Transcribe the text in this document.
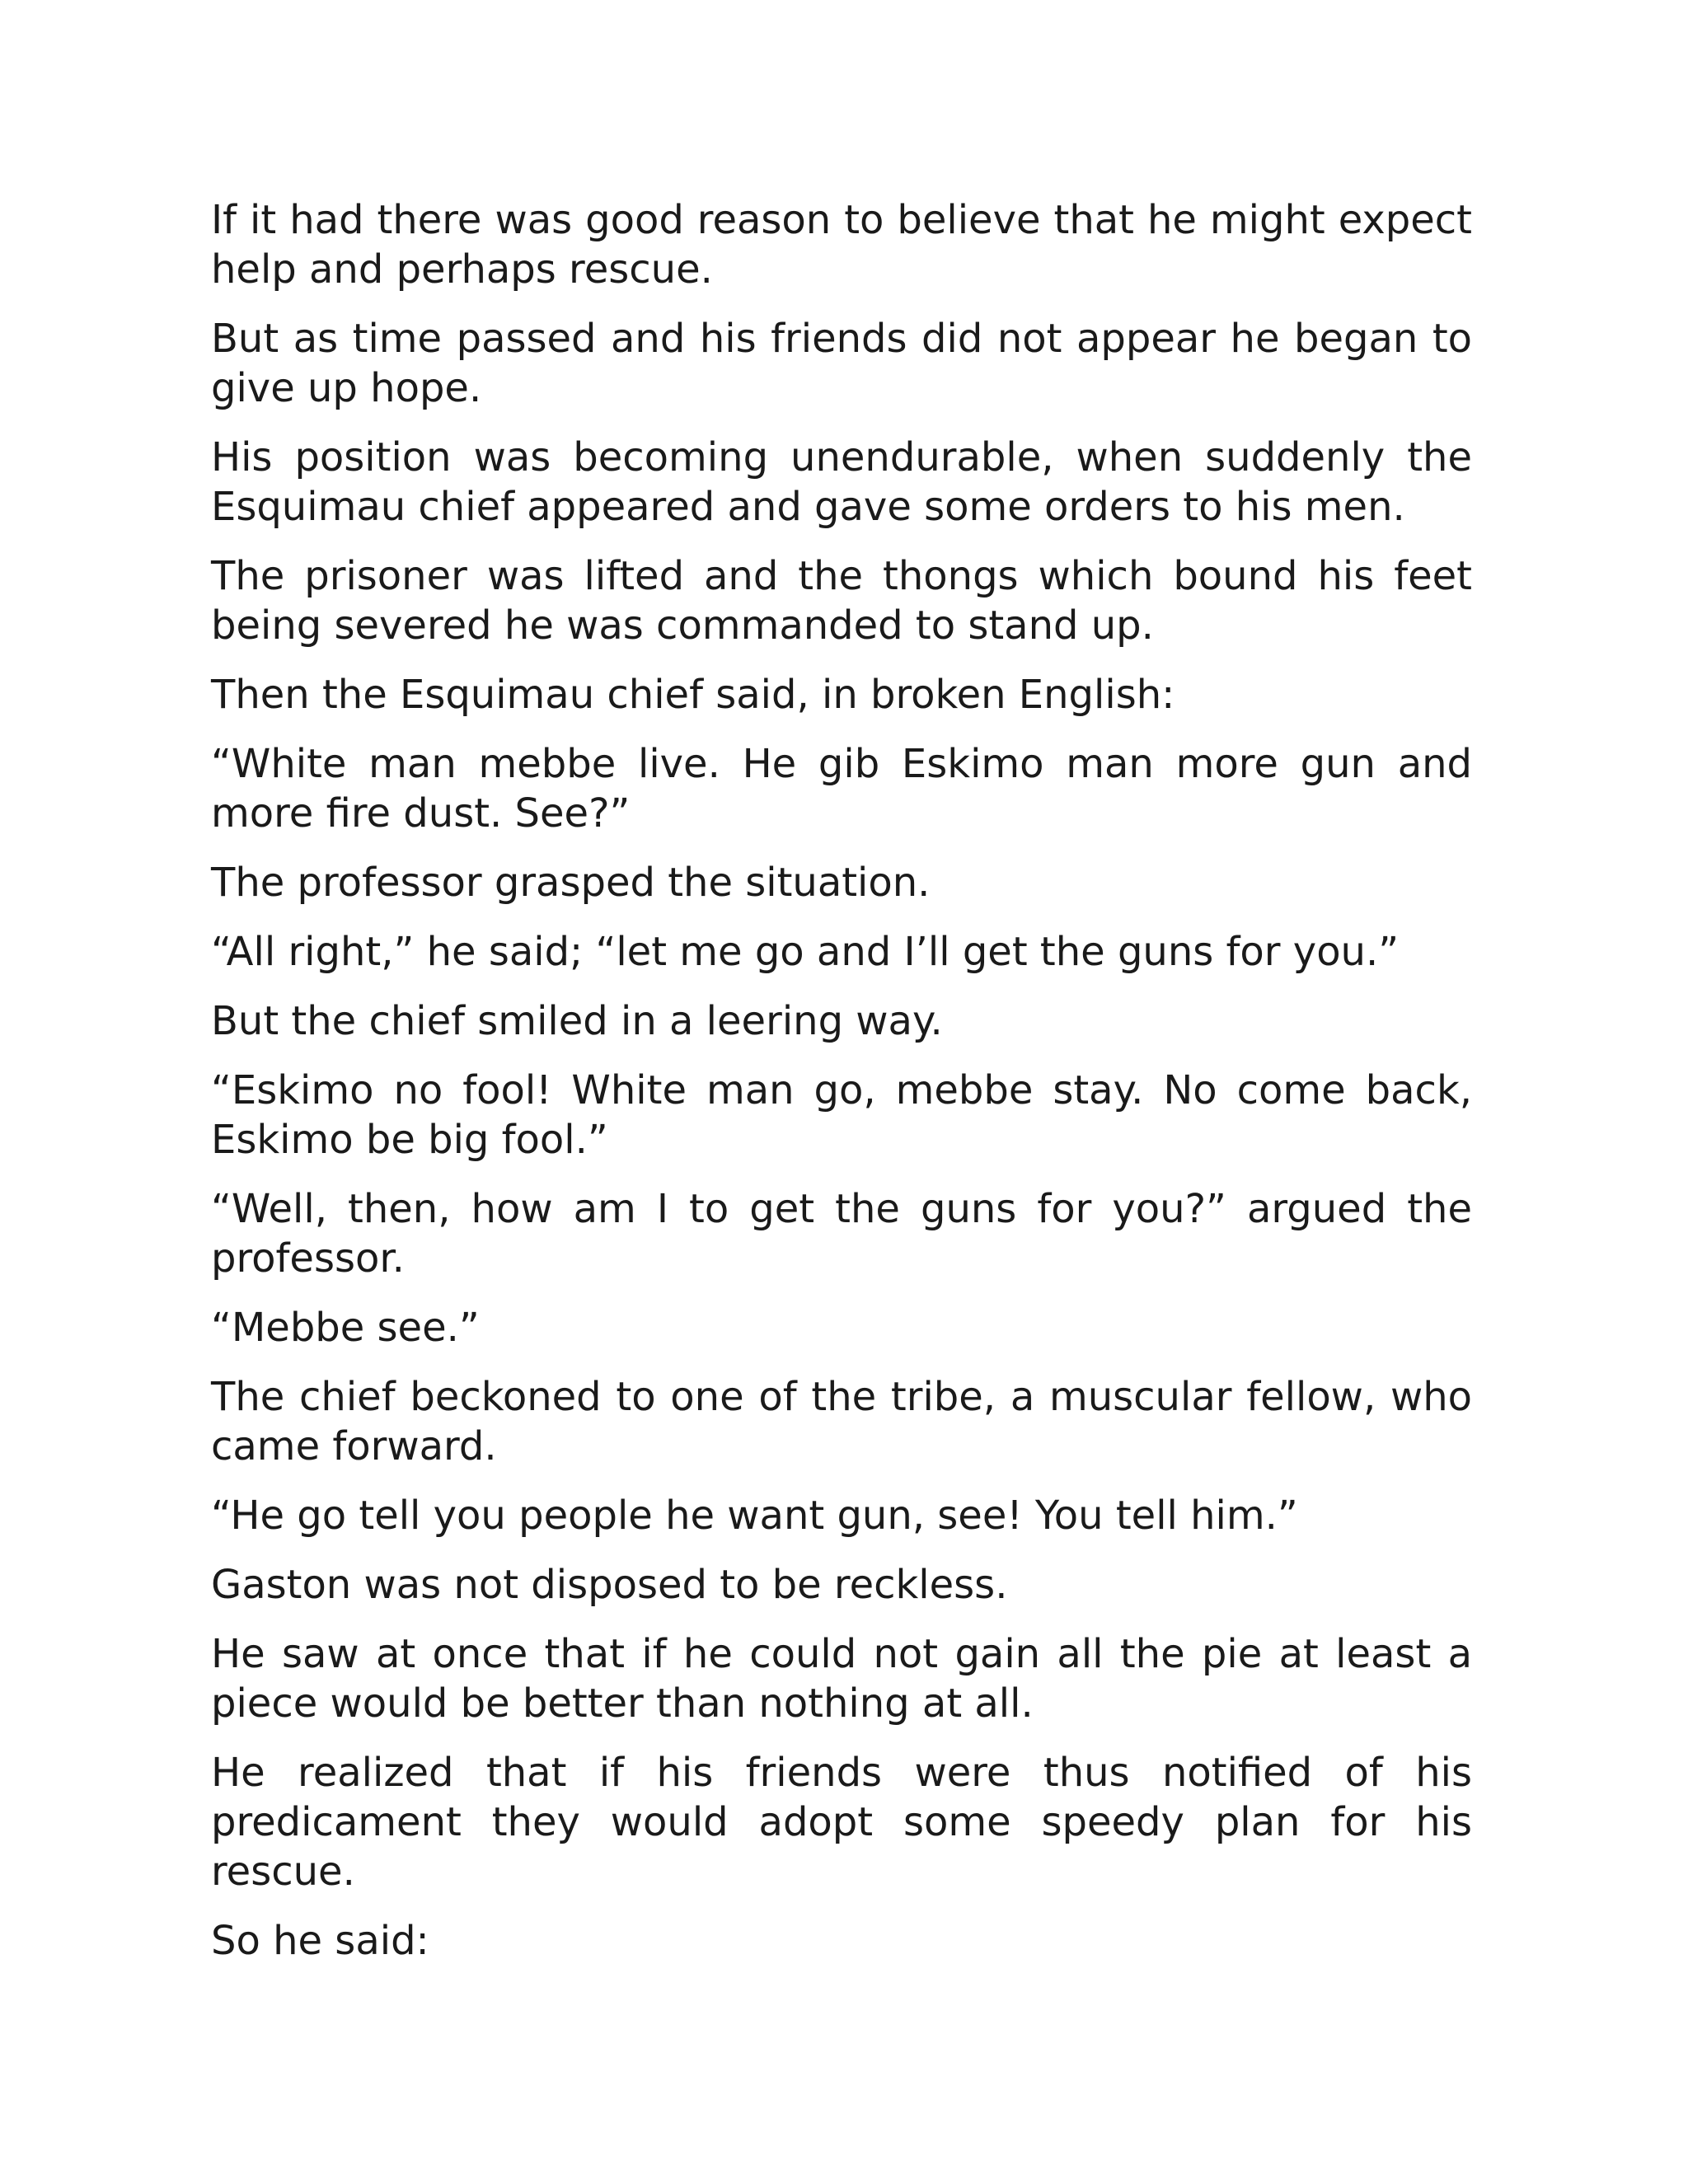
If it had there was good reason to believe that he might expect help and perhaps rescue.

But as time passed and his friends did not appear he began to give up hope.

His position was becoming unendurable, when suddenly the Esquimau chief appeared and gave some orders to his men.

The prisoner was lifted and the thongs which bound his feet being severed he was commanded to stand up.

Then the Esquimau chief said, in broken English:

“White man mebbe live. He gib Eskimo man more gun and more fire dust. See?”

The professor grasped the situation.

“All right,” he said; “let me go and I’ll get the guns for you.”

But the chief smiled in a leering way.

“Eskimo no fool! White man go, mebbe stay. No come back, Eskimo be big fool.”

“Well, then, how am I to get the guns for you?” argued the professor.

“Mebbe see.”

The chief beckoned to one of the tribe, a muscular fellow, who came forward.

“He go tell you people he want gun, see! You tell him.”

Gaston was not disposed to be reckless.

He saw at once that if he could not gain all the pie at least a piece would be better than nothing at all.

He realized that if his friends were thus notified of his predicament they would adopt some speedy plan for his rescue.

So he said:
